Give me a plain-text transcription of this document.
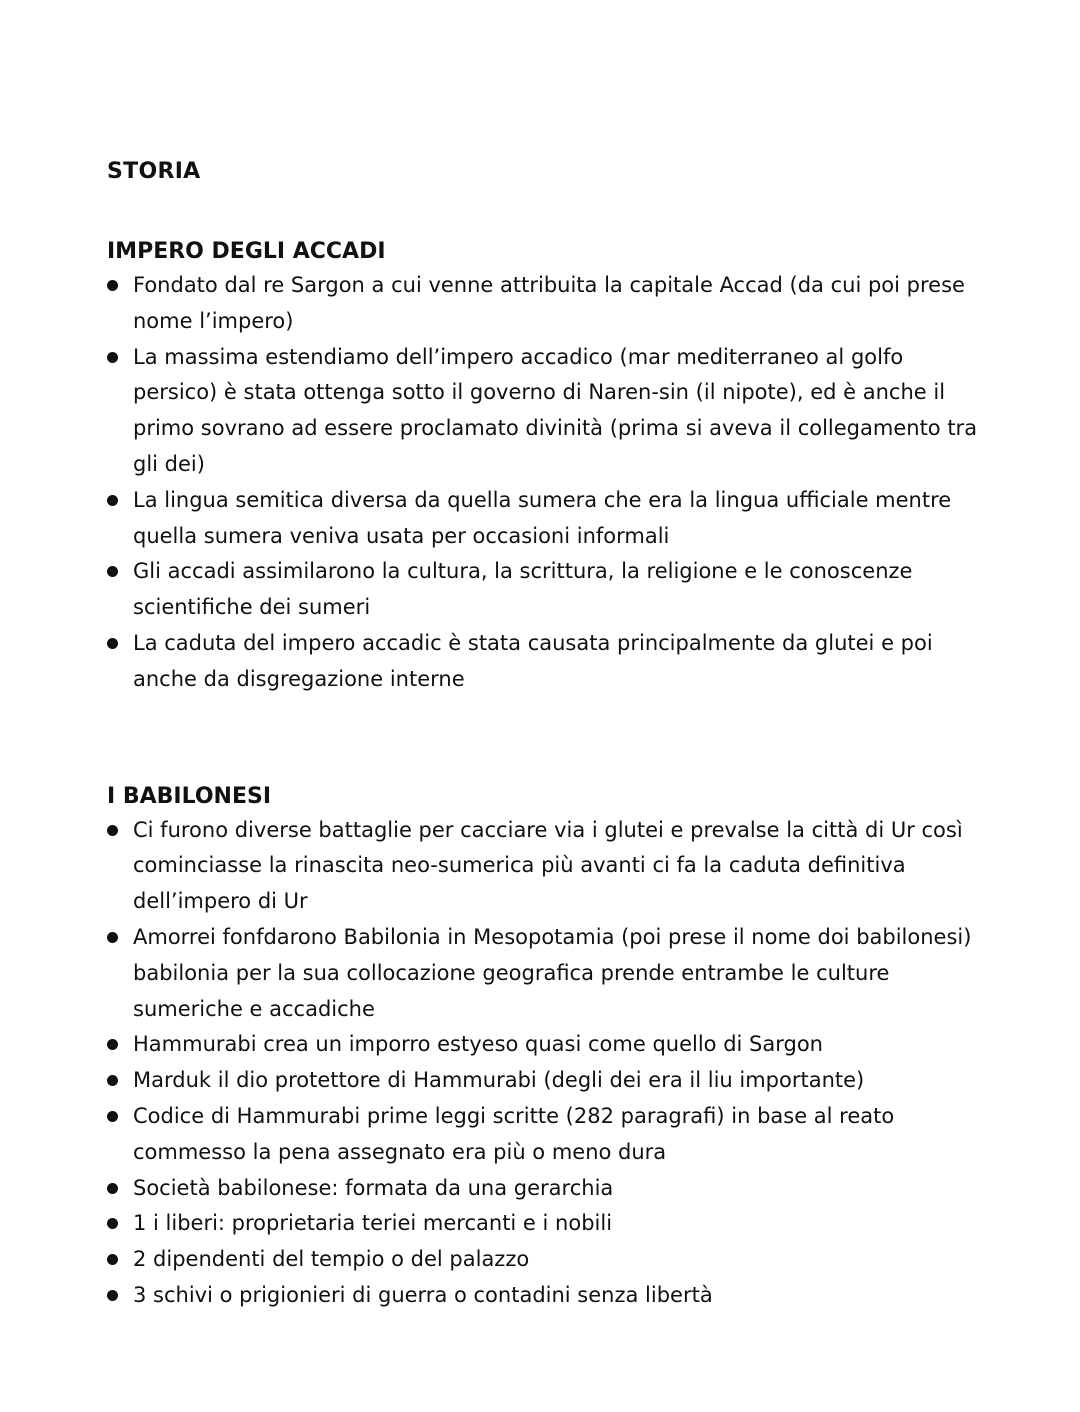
STORIA
IMPERO DEGLI ACCADI
Fondato dal re Sargon a cui venne attribuita la capitale Accad (da cui poi prese nome l’impero)
La massima estendiamo dell’impero accadico (mar mediterraneo al golfo persico) è stata ottenga sotto il governo di Naren-sin (il nipote), ed è anche il primo sovrano ad essere proclamato divinità (prima si aveva il collegamento tra gli dei)
La lingua semitica diversa da quella sumera che era la lingua ufficiale mentre quella sumera veniva usata per occasioni informali
Gli accadi assimilarono la cultura, la scrittura, la religione e le conoscenze scientifiche dei sumeri
La caduta del impero accadic è stata causata principalmente da glutei e poi anche da disgregazione interne
I BABILONESI
Ci furono diverse battaglie per cacciare via i glutei e prevalse la città di Ur così cominciasse la rinascita neo-sumerica più avanti ci fa la caduta definitiva dell’impero di Ur
Amorrei fonfdarono Babilonia in Mesopotamia (poi prese il nome doi babilonesi) babilonia per la sua collocazione geografica prende entrambe le culture sumeriche e accadiche
Hammurabi crea un imporro estyeso quasi come quello di Sargon
Marduk il dio protettore di Hammurabi (degli dei era il liu importante)
Codice di Hammurabi prime leggi scritte (282 paragrafi) in base al reato commesso la pena assegnato era più o meno dura
Società babilonese: formata da una gerarchia
1 i liberi: proprietaria teriei mercanti e i nobili
2 dipendenti del tempio o del palazzo
3 schivi o prigionieri di guerra o contadini senza libertà
